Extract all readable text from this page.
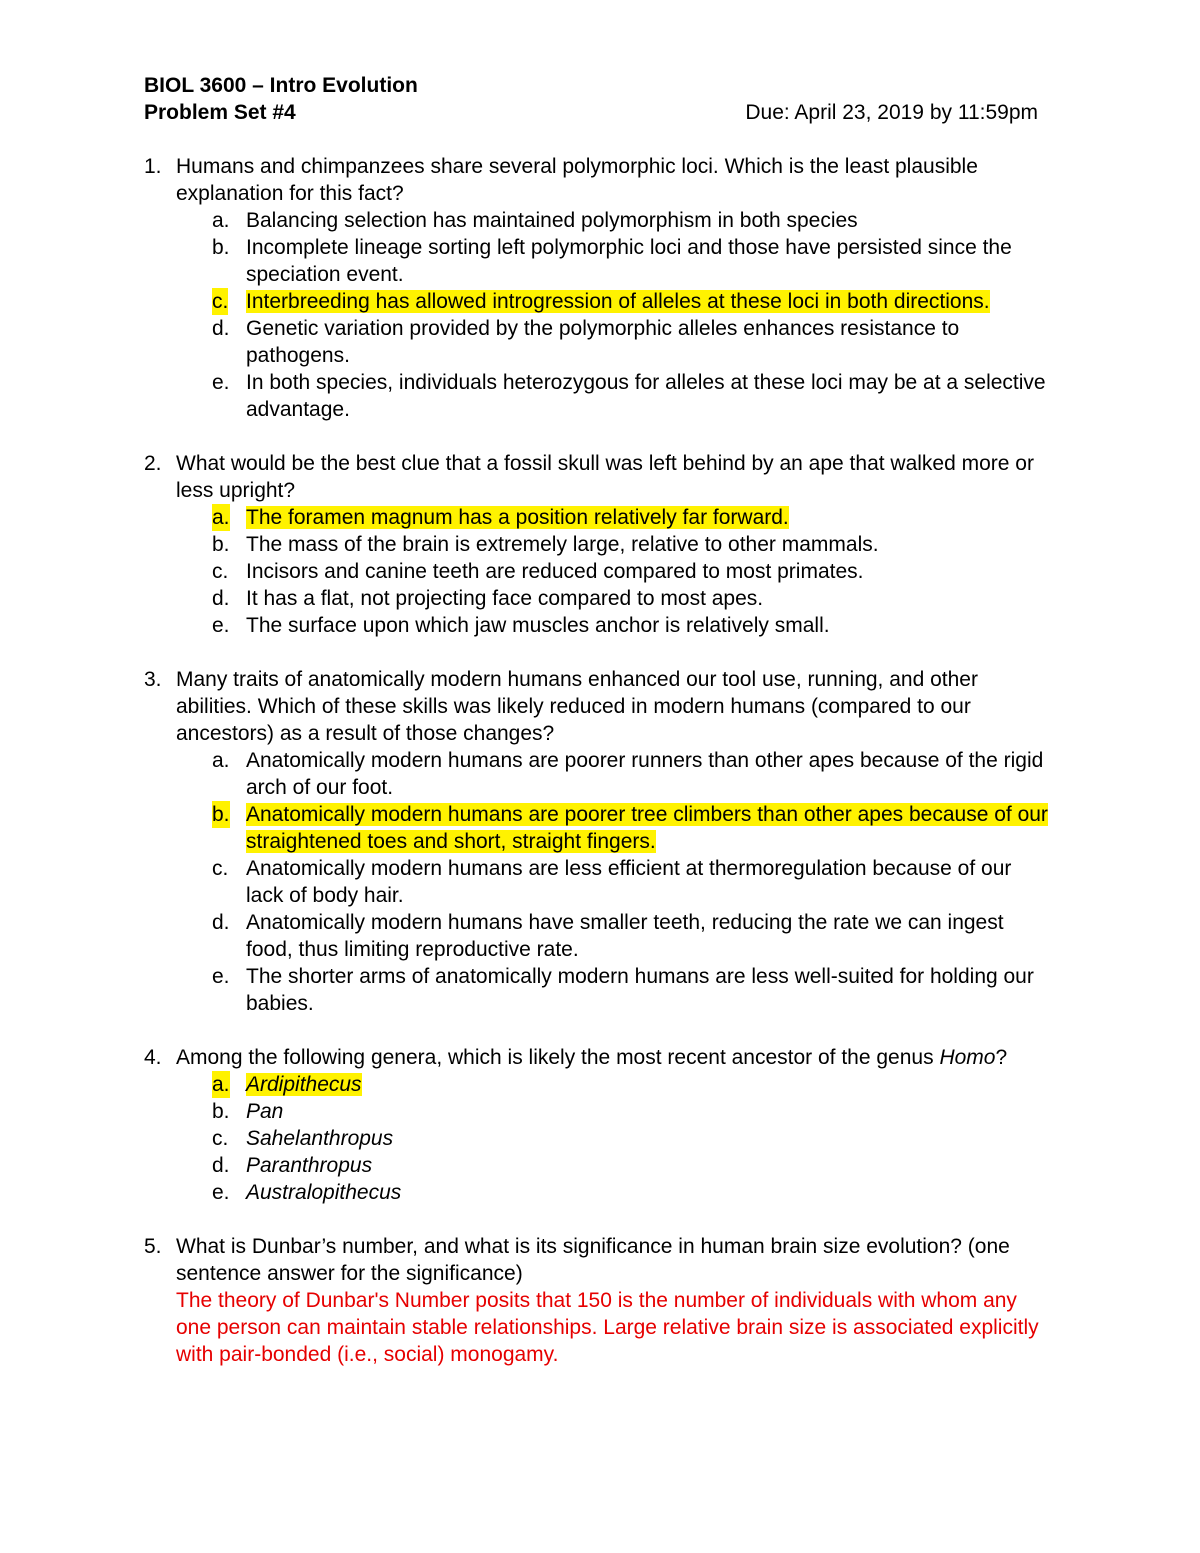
BIOL 3600 – Intro Evolution
Problem Set #4	Due: April 23, 2019 by 11:59pm
1. Humans and chimpanzees share several polymorphic loci. Which is the least plausible explanation for this fact?
a. Balancing selection has maintained polymorphism in both species
b. Incomplete lineage sorting left polymorphic loci and those have persisted since the speciation event.
c. Interbreeding has allowed introgression of alleles at these loci in both directions.
d. Genetic variation provided by the polymorphic alleles enhances resistance to pathogens.
e. In both species, individuals heterozygous for alleles at these loci may be at a selective advantage.
2. What would be the best clue that a fossil skull was left behind by an ape that walked more or less upright?
a. The foramen magnum has a position relatively far forward.
b. The mass of the brain is extremely large, relative to other mammals.
c. Incisors and canine teeth are reduced compared to most primates.
d. It has a flat, not projecting face compared to most apes.
e. The surface upon which jaw muscles anchor is relatively small.
3. Many traits of anatomically modern humans enhanced our tool use, running, and other abilities. Which of these skills was likely reduced in modern humans (compared to our ancestors) as a result of those changes?
a. Anatomically modern humans are poorer runners than other apes because of the rigid arch of our foot.
b. Anatomically modern humans are poorer tree climbers than other apes because of our straightened toes and short, straight fingers.
c. Anatomically modern humans are less efficient at thermoregulation because of our lack of body hair.
d. Anatomically modern humans have smaller teeth, reducing the rate we can ingest food, thus limiting reproductive rate.
e. The shorter arms of anatomically modern humans are less well-suited for holding our babies.
4. Among the following genera, which is likely the most recent ancestor of the genus Homo?
a. Ardipithecus
b. Pan
c. Sahelanthropus
d. Paranthropus
e. Australopithecus
5. What is Dunbar’s number, and what is its significance in human brain size evolution? (one sentence answer for the significance)
The theory of Dunbar's Number posits that 150 is the number of individuals with whom any one person can maintain stable relationships. Large relative brain size is associated explicitly with pair-bonded (i.e., social) monogamy.
